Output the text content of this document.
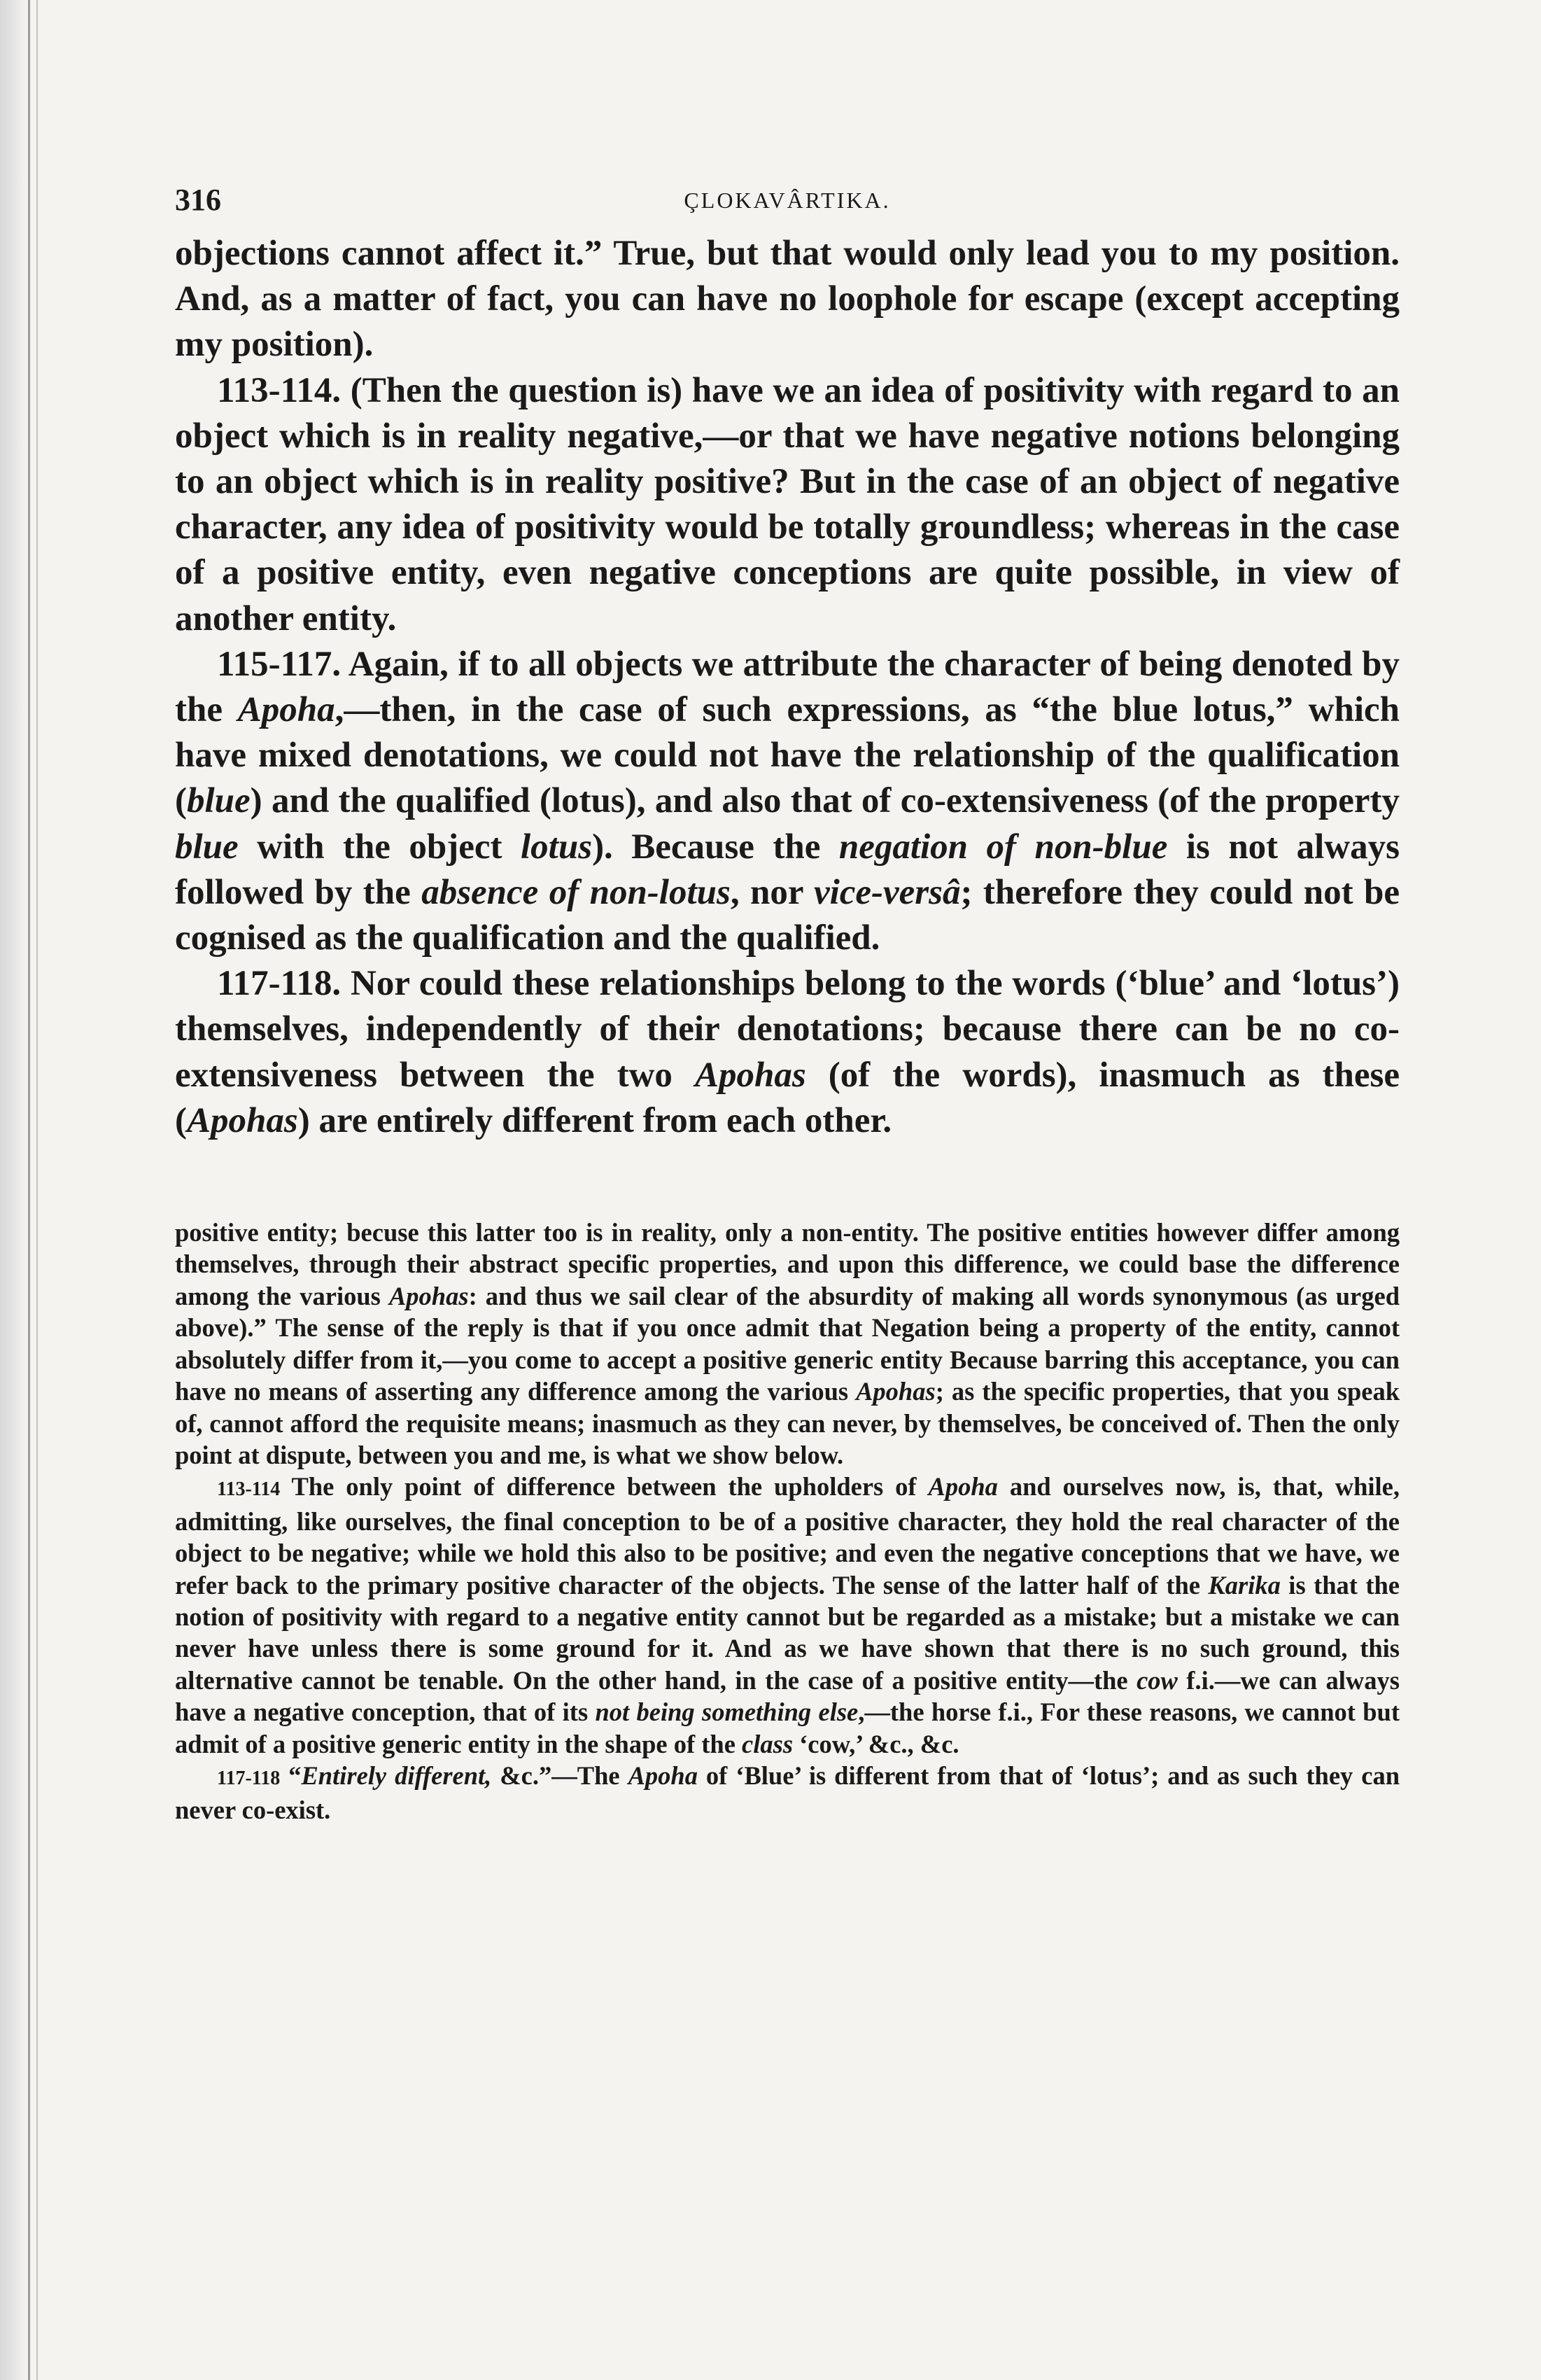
316	ÇLOKAVÂRTIKA.

objections cannot affect it.” True, but that would only lead you to my position. And, as a matter of fact, you can have no loophole for escape (except accepting my position).

113-114. (Then the question is) have we an idea of positivity with regard to an object which is in reality negative,—or that we have negative notions belonging to an object which is in reality positive? But in the case of an object of negative character, any idea of positivity would be totally groundless; whereas in the case of a positive entity, even negative conceptions are quite possible, in view of another entity.

115-117. Again, if to all objects we attribute the character of being denoted by the Apoha,—then, in the case of such expressions, as “the blue lotus,” which have mixed denotations, we could not have the relationship of the qualification (blue) and the qualified (lotus), and also that of co-extensiveness (of the property blue with the object lotus). Because the negation of non-blue is not always followed by the absence of non-lotus, nor vice-versâ; therefore they could not be cognised as the qualification and the qualified.

117-118. Nor could these relationships belong to the words (‘blue’ and ‘lotus’) themselves, independently of their denotations; because there can be no co-extensiveness between the two Apohas (of the words), inasmuch as these (Apohas) are entirely different from each other.

positive entity; becuse this latter too is in reality, only a non-entity. The positive entities however differ among themselves, through their abstract specific properties, and upon this difference, we could base the difference among the various Apohas: and thus we sail clear of the absurdity of making all words synonymous (as urged above).” The sense of the reply is that if you once admit that Negation being a property of the entity, cannot absolutely differ from it,—you come to accept a positive generic entity Because barring this acceptance, you can have no means of asserting any difference among the various Apohas; as the specific properties, that you speak of, cannot afford the requisite means; inasmuch as they can never, by themselves, be conceived of. Then the only point at dispute, between you and me, is what we show below.

113-114 The only point of difference between the upholders of Apoha and ourselves now, is, that, while, admitting, like ourselves, the final conception to be of a positive character, they hold the real character of the object to be negative; while we hold this also to be positive; and even the negative conceptions that we have, we refer back to the primary positive character of the objects. The sense of the latter half of the Karika is that the notion of positivity with regard to a negative entity cannot but be regarded as a mistake; but a mistake we can never have unless there is some ground for it. And as we have shown that there is no such ground, this alternative cannot be tenable. On the other hand, in the case of a positive entity—the cow f.i.—we can always have a negative conception, that of its not being something else,—the horse f.i., For these reasons, we cannot but admit of a positive generic entity in the shape of the class ‘cow,’ &c., &c.

117-118 “Entirely different, &c.”—The Apoha of ‘Blue’ is different from that of ‘lotus’; and as such they can never co-exist.
